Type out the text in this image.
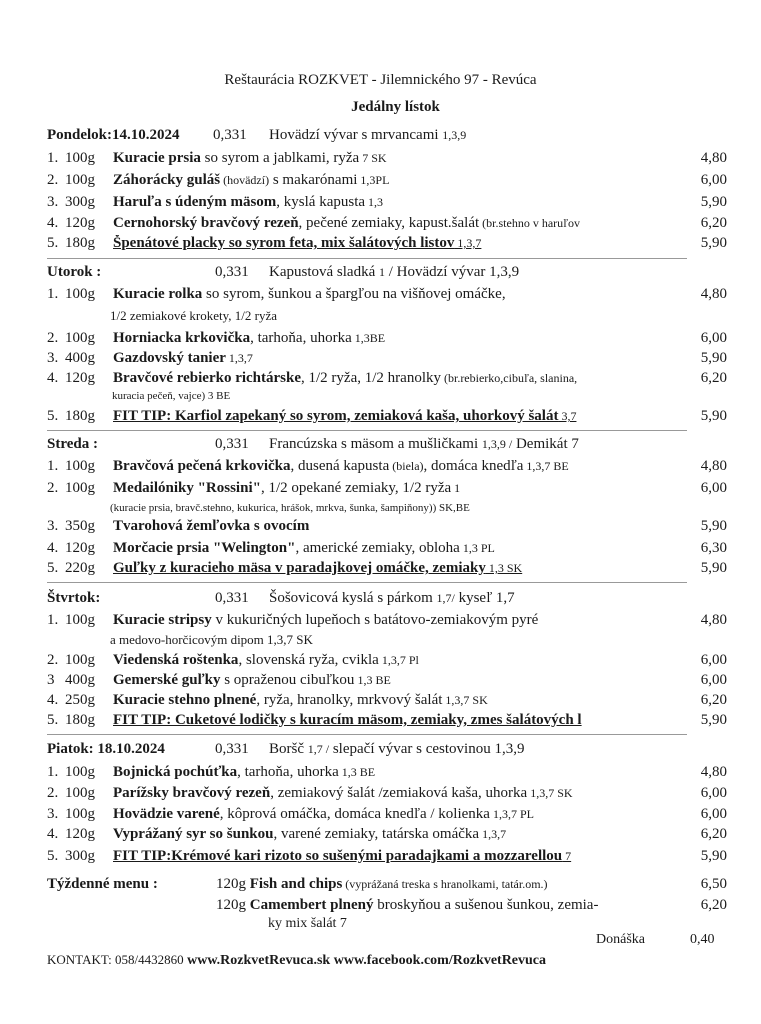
Reštaurácia ROZKVET - Jilemnického 97 - Revúca
Jedálny lístok
Pondelok:14.10.2024 0,331 Hovädzí vývar s mrvancami 1,3,9
1. 100g Kuracie prsia so syrom a jablkami, ryža 7 SK	4,80
2. 100g Záhorácky guláš (hovädzí) s makarónami 1,3PL	6,00
3. 300g Haruľa s údeným mäsom, kyslá kapusta 1,3	5,90
4. 120g Cernohorský bravčový rezeň, pečené zemiaky, kapust.šalát (br.stehno v haruľov	6,20
5. 180g Špenátové placky so syrom feta, mix šalátových listov 1,3,7	5,90
Utorok :	0,331 Kapustová sladká 1 / Hovädzí vývar 1,3,9
1. 100g Kuracie rolka so syrom, šunkou a špargľou na višňovej omáčke,	4,80
1/2 zemiakové krokety, 1/2 ryža
2. 100g Horniacka krkovička, tarhoňa, uhorka 1,3BE	6,00
3. 400g Gazdovský tanier 1,3,7	5,90
4. 120g Bravčové rebierko richtárske, 1/2 ryža, 1/2 hranolky (br.rebierko,cibuľa, slanina,	6,20
kuracia pečeň, vajce) 3 BE
5. 180g FIT TIP: Karfiol zapekaný so syrom, zemiaková kaša, uhorkový šalát 3,7	5,90
Streda :	0,331 Francúzska s mäsom a mušličkami 1,3,9 / Demikát 7
1. 100g Bravčová pečená krkovička, dusená kapusta (biela), domáca knedľa 1,3,7 BE	4,80
2. 100g Medailóniky "Rossini", 1/2 opekané zemiaky, 1/2 ryža 1	6,00
(kuracie prsia, bravč.stehno, kukurica, hrášok, mrkva, šunka, šampiňony)) SK,BE
3. 350g Tvarohová žemľovka s ovocím	5,90
4. 120g Morčacie prsia "Welington", americké zemiaky, obloha 1,3 PL	6,30
5. 220g Guľky z kuracieho mäsa v paradajkovej omáčke, zemiaky 1,3 SK	5,90
Štvrtok:	0,331 Šošovicová kyslá s párkom 1,7/ kyseľ 1,7
1. 100g Kuracie stripsy v kukuričných lupeňoch s batátovo-zemiakovým pyré	4,80
a medovo-horčicovým dipom 1,3,7 SK
2. 100g Viedenská roštenka, slovenská ryža, cvikla 1,3,7 Pl	6,00
3 400g Gemerské guľky s opraženou cibuľkou 1,3 BE	6,00
4. 250g Kuracie stehno plnené, ryža, hranolky, mrkvový šalát 1,3,7 SK	6,20
5. 180g FIT TIP: Cuketové lodičky s kuracím mäsom, zemiaky, zmes šalátových l	5,90
Piatok: 18.10.2024	0,331 Boršč 1,7 / slepačí vývar s cestovinou 1,3,9
1. 100g Bojnická pochúťka, tarhoňa, uhorka 1,3 BE	4,80
2. 100g Parížsky bravčový rezeň, zemiakový šalát /zemiaková kaša, uhorka 1,3,7 SK	6,00
3. 100g Hovädzie varené, kôprová omáčka, domáca knedľa / kolienka 1,3,7 PL	6,00
4. 120g Vyprážaný syr so šunkou, varené zemiaky, tatárska omáčka 1,3,7	6,20
5. 300g FIT TIP:Krémové kari rizoto so sušenými paradajkami a mozzarellou 7	5,90
Týždenné menu :	120g Fish and chips (vyprážaná treska s hranolkami, tatár.om.)	6,50
120g Camembert plnený broskyňou a sušenou šunkou, zemia-	6,20
ky mix šalát 7
Donáška	0,40
KONTAKT: 058/4432860 www.RozkvetRevuca.sk www.facebook.com/RozkvetRevuca
